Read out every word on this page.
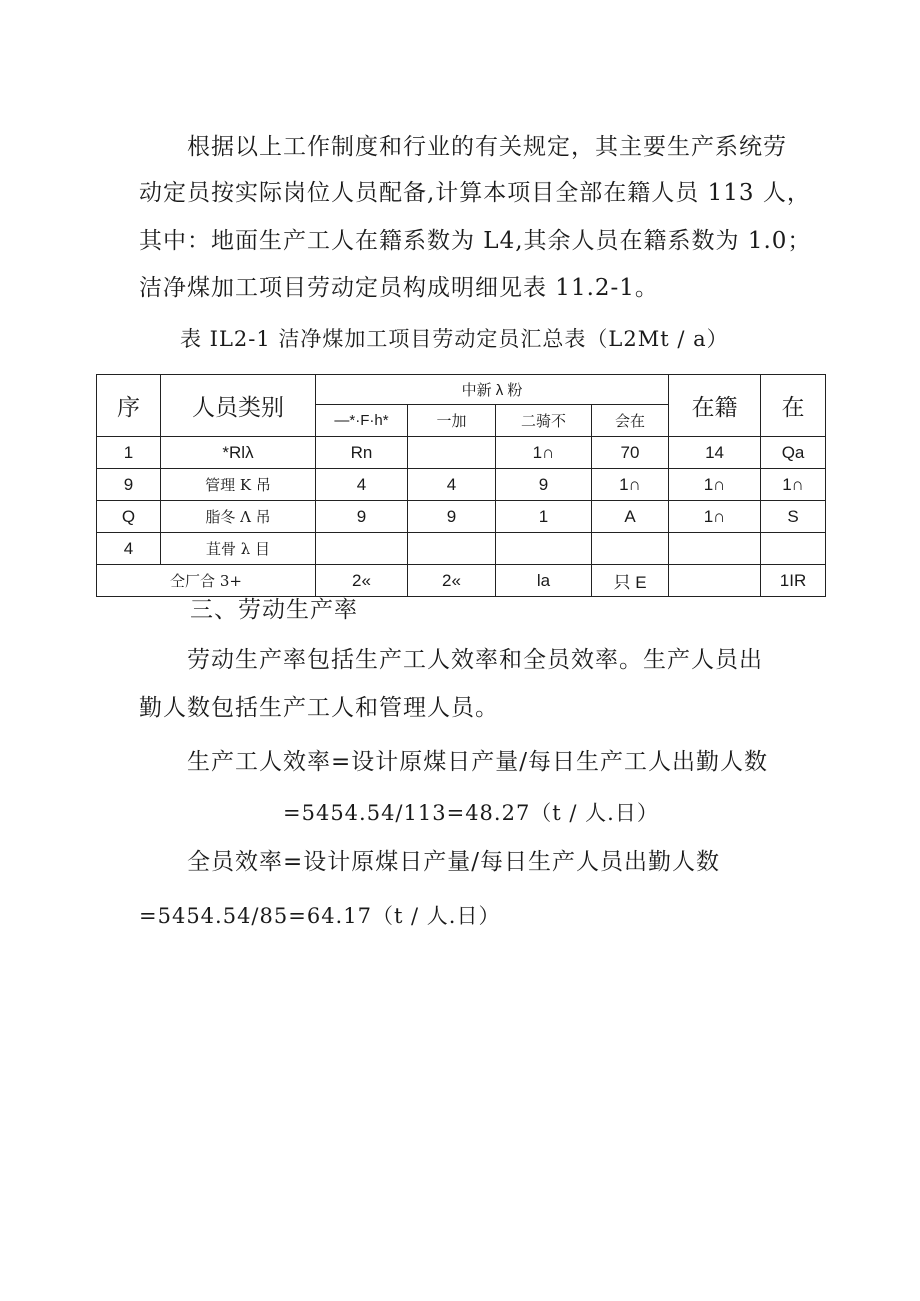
根据以上工作制度和行业的有关规定，其主要生产系统劳
动定员按实际岗位人员配备,计算本项目全部在籍人员 113 人，
其中：地面生产工人在籍系数为 L4,其余人员在籍系数为 1.0；
洁净煤加工项目劳动定员构成明细见表 11.2-1。
表 IL2-1 洁净煤加工项目劳动定员汇总表（L2Mt / a）
序	人员类别	中新 λ 粉				在籍	在
		—*·F·h*	一加	二骑不	会在		
1	*Rlλ	Rn		1∩	70	14	Qa
9	管理 K 吊	4	4	9	1∩	1∩	1∩
Q	脂冬 Λ 吊	9	9	1	A	1∩	S
4	苴骨 λ 目						
仝厂合 3+		2«	2«	la	只 E		1IR
三、劳动生产率
劳动生产率包括生产工人效率和全员效率。生产人员出
勤人数包括生产工人和管理人员。
生产工人效率=设计原煤日产量/每日生产工人出勤人数
=5454.54/113=48.27（t / 人.日）
全员效率=设计原煤日产量/每日生产人员出勤人数
=5454.54/85=64.17（t / 人.日）
